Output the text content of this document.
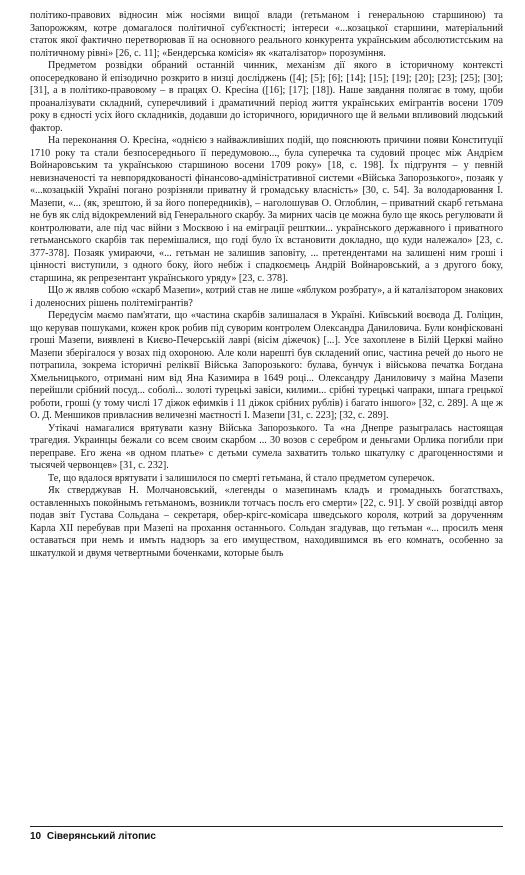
політико-правових відносин між носіями вищої влади (гетьманом і генеральною старшиною) та Запорожжям, котре домагалося політичної суб'єктності; інтереси «...козацької старшини, матеріальний статок якої фактично перетворював її на основного реального конкурента українським абсолютистським на політичному рівні» [26, с. 11]; «Бендерська комісія» як «каталізатор» порозуміння.

Предметом розвідки обраний останній чинник, механізм дії якого в історичному контексті опосередковано й епізодично розкрито в низці досліджень ([4]; [5]; [6]; [14]; [15]; [19]; [20]; [23]; [25]; [30]; [31], а в політико-правовому – в працях О. Кресіна ([16]; [17]; [18]). Наше завдання полягає в тому, щоби проаналізувати складний, суперечливий і драматичний період життя українських емігрантів восени 1709 року в єдності усіх його складників, додавши до історичного, юридичного ще й вельми впливовий людський фактор.

На переконання О. Кресіна, «однією з найважливіших подій, що пояснюють причини появи Конституції 1710 року та стали безпосереднього її передумовою..., була суперечка та судовий процес між Андрієм Войнаровським та українською старшиною восени 1709 року» [18, с. 198]. Їх підгрунтя – у певній невизначеності та невпорядкованості фінансово-адміністративної системи «Війська Запорозького», позаяк у «...козацькій Україні погано розрізняли приватну й громадську власність» [30, с. 54]. За володарювання І. Мазепи, «... (як, зрештою, й за його попередників), – наголошував О. Оглоблин, – приватний скарб гетьмана не був як слід відокремлений від Генерального скарбу. За мирних часів це можна було ще якось регулювати й контролювати, але під час війни з Москвою і на еміграції решткии... українського державного і приватного гетьманського скарбів так перемішалися, що годі було їх встановити докладно, що куди належало» [23, с. 377-378]. Позаяк умираючи, «... гетьман не залишив заповіту, ... претендентами на залишені ним гроші і цінності виступили, з одного боку, його небіж і спадкоємець Андрій Войнаровський, а з другого боку, старшина, як репрезентант українського уряду» [23, с. 378].

Що ж являв собою «скарб Мазепи», котрий став не лише «яблуком розбрату», а й каталізатором знакових і доленосних рішень політемігрантів?

Передусім маємо пам'ятати, що «частина скарбів залишалася в Україні. Київський воєвода Д. Голіцин, що керував пошуками, кожен крок робив під суворим контролем Олександра Даниловича. Були конфіскованi гроші Мазепи, виявлені в Києво-Печерській лаврі (вісім діжечок) [...]. Усе захоплене в Білій Церкві майно Мазепи зберігалося у возах під охороною. Але коли нарешті був складений опис, частина речей до нього не потрапила, зокрема історичні реліквії Війська Запорозького: булава, бунчук і військова печатка Богдана Хмельницького, отримані ним від Яна Казимира в 1649 році... Олександру Даниловичу з майна Мазепи перейшли срібний посуд... соболі... золоті турецькі завіси, килими... срібні турецькі чапраки, шпага грецької роботи, гроші (у тому числі 17 діжок ефимків і 11 діжок срібних рублів) і багато іншого» [32, с. 289]. А ще ж О. Д. Меншиков привласнив величезні маєтності І. Мазепи [31, с. 223]; [32, с. 289].

Утікачі намагалися врятувати казну Війська Запорозького. Та «на Днепре разыгралась настоящая трагедия. Украинцы бежали со всем своим скарбом ... 30 возов с серебром и деньгами Орлика погибли при переправе. Его жена «в одном платье» с детьми сумела захватить только шкатулку с драгоценностями и тысячей червонцев» [31, с. 232].

Те, що вдалося врятувати і залишилося по смерті гетьмана, й стало предметом суперечок.

Як стверджував Н. Молчановський, «легенды о мазепинамъ кладъ и громадныхъ богатствахъ, оставленныхъ покойнымъ гетьманомъ, возникли тотчасъ послъ его смерти» [22, с. 91]. У своїй розвідці автор подав звіт Густава Сольдана – секретаря, обер-крігс-комісара шведського короля, котрий за дорученням Карла XII перебував при Мазепі на прохання останнього. Сольдан згадував, що гетьман «... просилъ меня оставаться при немъ и имъть надзоръ за его имуществом, находившимся въ его комнатъ, особенно за шкатулкой и двумя четвертными боченками, которые былъ

10 Сіверянський літопис
